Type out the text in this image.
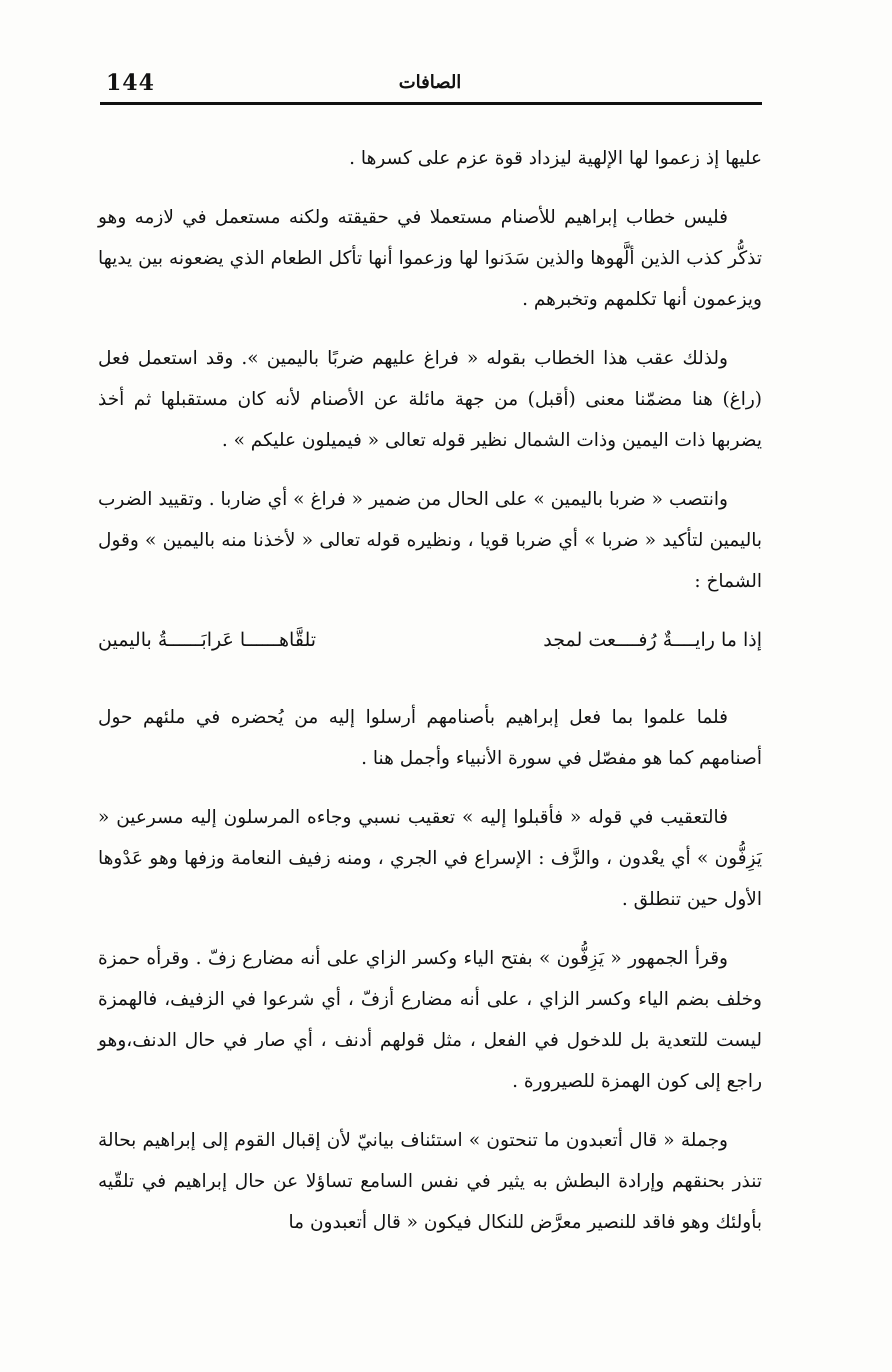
144	الصافات

عليها إذ زعموا لها الإلهية ليزداد قوة عزم على كسرها .

فليس خطاب إبراهيم للأصنام مستعملا في حقيقته ولكنه مستعمل في لازمه وهو تذكُّر كذب الذين ألَّهوها والذين سَدَنوا لها وزعموا أنها تأكل الطعام الذي يضعونه بين يديها ويزعمون أنها تكلمهم وتخبرهم .

ولذلك عقب هذا الخطاب بقوله « فراغ عليهم ضربًا باليمين ». وقد استعمل فعل (راغ) هنا مضمّنا معنى (أقبل) من جهة مائلة عن الأصنام لأنه كان مستقبلها ثم أخذ يضربها ذات اليمين وذات الشمال نظير قوله تعالى « فيميلون عليكم » .

وانتصب « ضربا باليمين » على الحال من ضمير « فراغ » أي ضاربا . وتقييد الضرب باليمين لتأكيد « ضربا » أي ضربا قويا ، ونظيره قوله تعالى « لأخذنا منه باليمين » وقول الشماخ :

إذا ما رايــــةٌ رُفــــعت لمجد
تلقَّاهــــــا عَرابَــــــةُ باليمين

فلما علموا بما فعل إبراهيم بأصنامهم أرسلوا إليه من يُحضره في ملئهم حول أصنامهم كما هو مفصّل في سورة الأنبياء وأجمل هنا .

فالتعقيب في قوله « فأقبلوا إليه » تعقيب نسبي وجاءه المرسلون إليه مسرعين « يَزِفُّون » أي يعْدون ، والزَّف : الإسراع في الجري ، ومنه زفيف النعامة وزفها وهو عَدْوها الأول حين تنطلق .

وقرأ الجمهور « يَزِفُّون » بفتح الياء وكسر الزاي على أنه مضارع زفّ . وقرأه حمزة وخلف بضم الياء وكسر الزاي ، على أنه مضارع أزفّ ، أي شرعوا في الزفيف، فالهمزة ليست للتعدية بل للدخول في الفعل ، مثل قولهم أدنف ، أي صار في حال الدنف،وهو راجع إلى كون الهمزة للصيرورة .

وجملة « قال أتعبدون ما تنحتون » استئناف بيانيّ لأن إقبال القوم إلى إبراهيم بحالة تنذر بحنقهم وإرادة البطش به يثير في نفس السامع تساؤلا عن حال إبراهيم في تلقّيه بأولئك وهو فاقد للنصير معرَّض للنكال فيكون « قال أتعبدون ما
